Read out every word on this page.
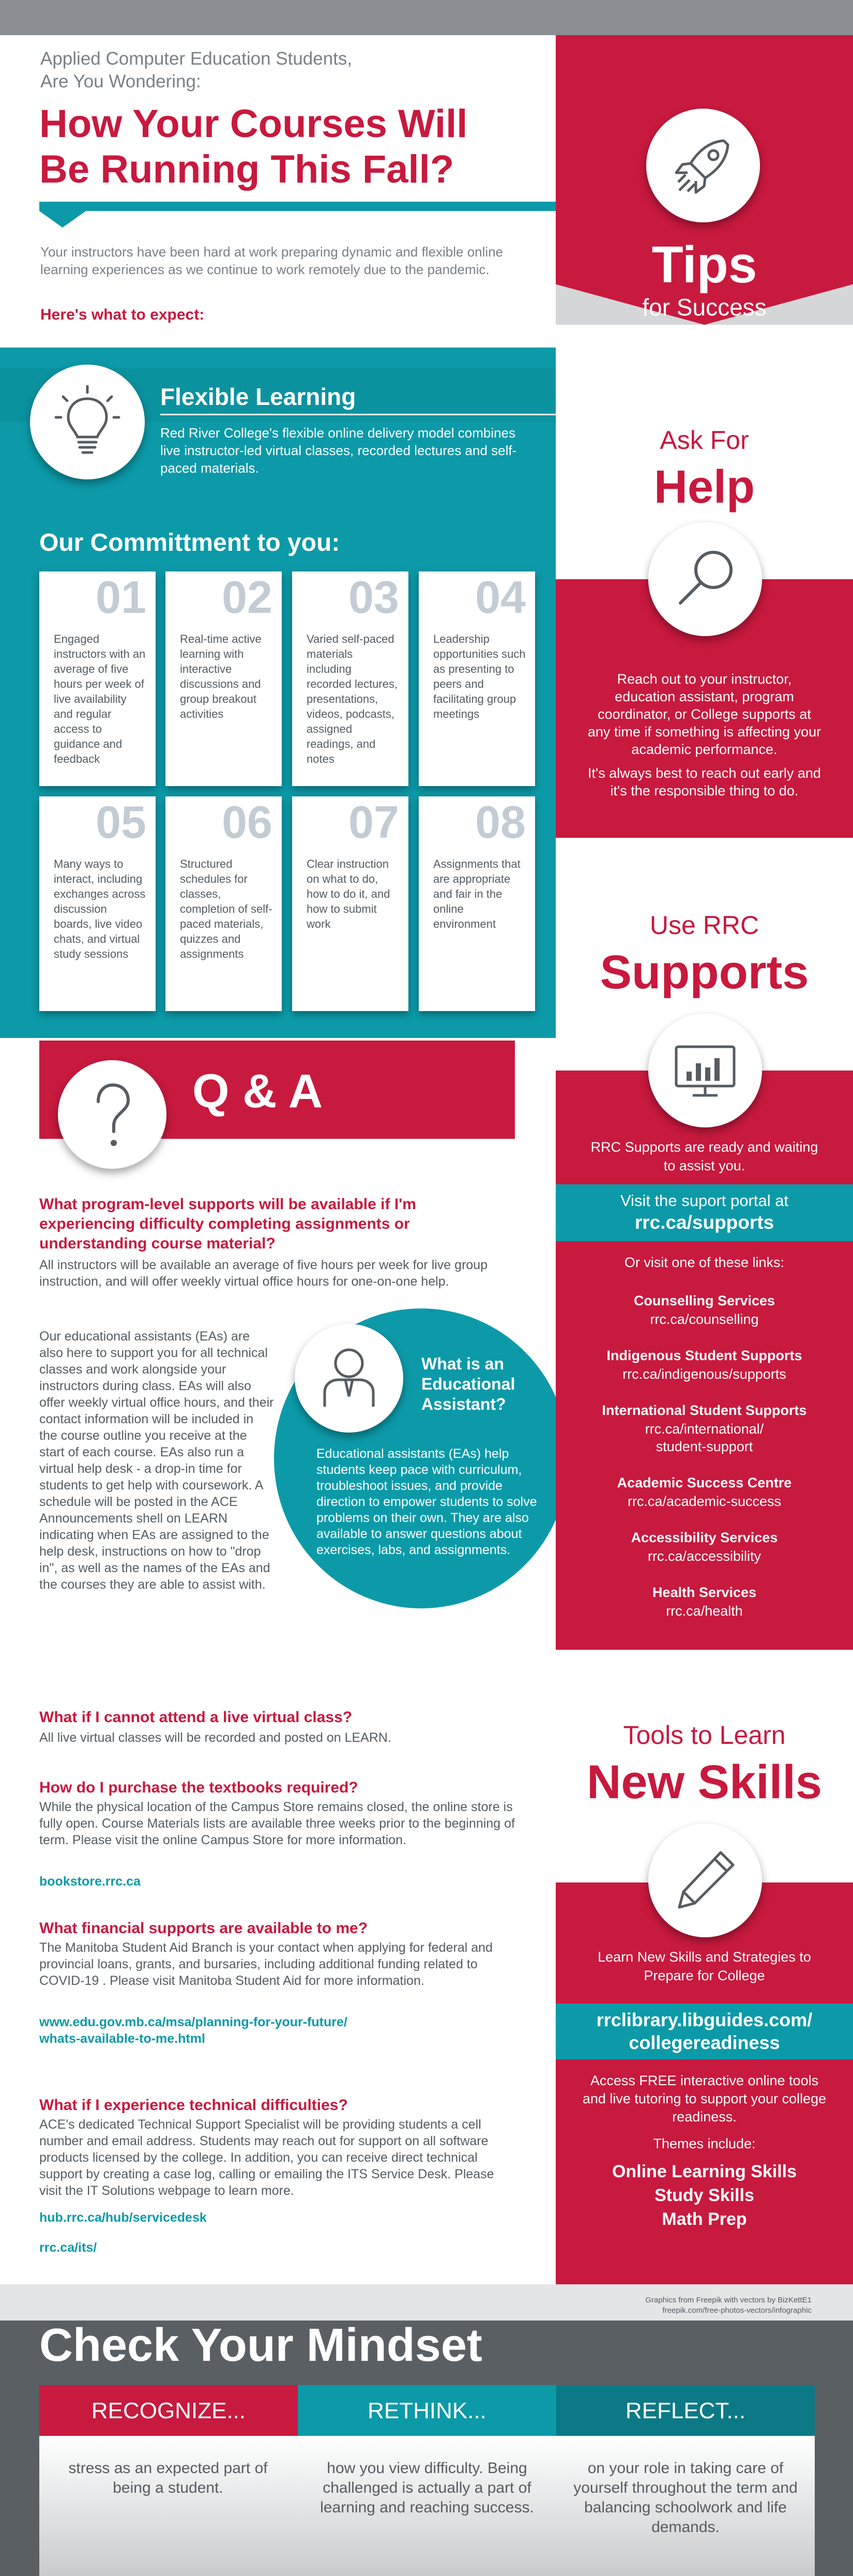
Applied Computer Education Students,
Are You Wondering:
How Your Courses Will
Be Running This Fall?
Your instructors have been hard at work preparing dynamic and flexible online learning experiences as we continue to work remotely due to the pandemic.
Here's what to expect:
Flexible Learning
Red River College's flexible online delivery model combines live instructor-led virtual classes, recorded lectures and self-paced materials.
Our Committment to you:
01
Engaged instructors with an average of five hours per week of live availability and regular access to guidance and feedback
02
Real-time active learning with interactive discussions and group breakout activities
03
Varied self-paced materials including recorded lectures, presentations, videos, podcasts, assigned readings, and notes
04
Leadership opportunities such as presenting to peers and facilitating group meetings
05
Many ways to interact, including exchanges across discussion boards, live video chats, and virtual study sessions
06
Structured schedules for classes, completion of self-paced materials, quizzes and assignments
07
Clear instruction on what to do, how to do it, and how to submit work
08
Assignments that are appropriate and fair in the online environment
Q & A
What program-level supports will be available if I'm experiencing difficulty completing assignments or understanding course material?
All instructors will be available an average of five hours per week for live group instruction, and will offer weekly virtual office hours for one-on-one help.
Our educational assistants (EAs) are also here to support you for all technical classes and work alongside your instructors during class. EAs will also offer weekly virtual office hours, and their contact information will be included in the course outline you receive at the start of each course. EAs also run a virtual help desk - a drop-in time for students to get help with coursework. A schedule will be posted in the ACE Announcements shell on LEARN indicating when EAs are assigned to the help desk, instructions on how to "drop in", as well as the names of the EAs and the courses they are able to assist with.
What is an Educational Assistant?
Educational assistants (EAs) help students keep pace with curriculum, troubleshoot issues, and provide direction to empower students to solve problems on their own. They are also available to answer questions about exercises, labs, and assignments.
What if I cannot attend a live virtual class?
All live virtual classes will be recorded and posted on LEARN.
How do I purchase the textbooks required?
While the physical location of the Campus Store remains closed, the online store is fully open. Course Materials lists are available three weeks prior to the beginning of term. Please visit the online Campus Store for more information.
bookstore.rrc.ca
What financial supports are available to me?
The Manitoba Student Aid Branch is your contact when applying for federal and provincial loans, grants, and bursaries, including additional funding related to COVID-19 . Please visit Manitoba Student Aid for more information.
www.edu.gov.mb.ca/msa/planning-for-your-future/
whats-available-to-me.html
What if I experience technical difficulties?
ACE's dedicated Technical Support Specialist will be providing students a cell number and email address. Students may reach out for support on all software products licensed by the college. In addition, you can receive direct technical support by creating a case log, calling or emailing the ITS Service Desk. Please visit the IT Solutions webpage to learn more.
hub.rrc.ca/hub/servicedesk
rrc.ca/its/
Tips
for Success
Ask For
Help
Reach out to your instructor, education assistant, program coordinator, or College supports at any time if something is affecting your academic performance.
It's always best to reach out early and it's the responsible thing to do.
Use RRC
Supports
RRC Supports are ready and waiting to assist you.
Visit the suport portal at
rrc.ca/supports
Or visit one of these links:
Counselling Services
rrc.ca/counselling
Indigenous Student Supports
rrc.ca/indigenous/supports
International Student Supports
rrc.ca/international/
student-support
Academic Success Centre
rrc.ca/academic-success
Accessibility Services
rrc.ca/accessibility
Health Services
rrc.ca/health
Tools to Learn
New Skills
Learn New Skills and Strategies to Prepare for College
rrclibrary.libguides.com/
collegereadiness
Access FREE interactive online tools and live tutoring to support your college readiness.
Themes include:
Online Learning Skills
Study Skills
Math Prep
Graphics from Freepik with vectors by BizKettE1
freepik.com/free-photos-vectors/infographic
Check Your Mindset
RECOGNIZE...	RETHINK...	REFLECT...
stress as an expected part of being a student.
how you view difficulty. Being challenged is actually a part of learning and reaching success.
on your role in taking care of yourself throughout the term and balancing schoolwork and life demands.
